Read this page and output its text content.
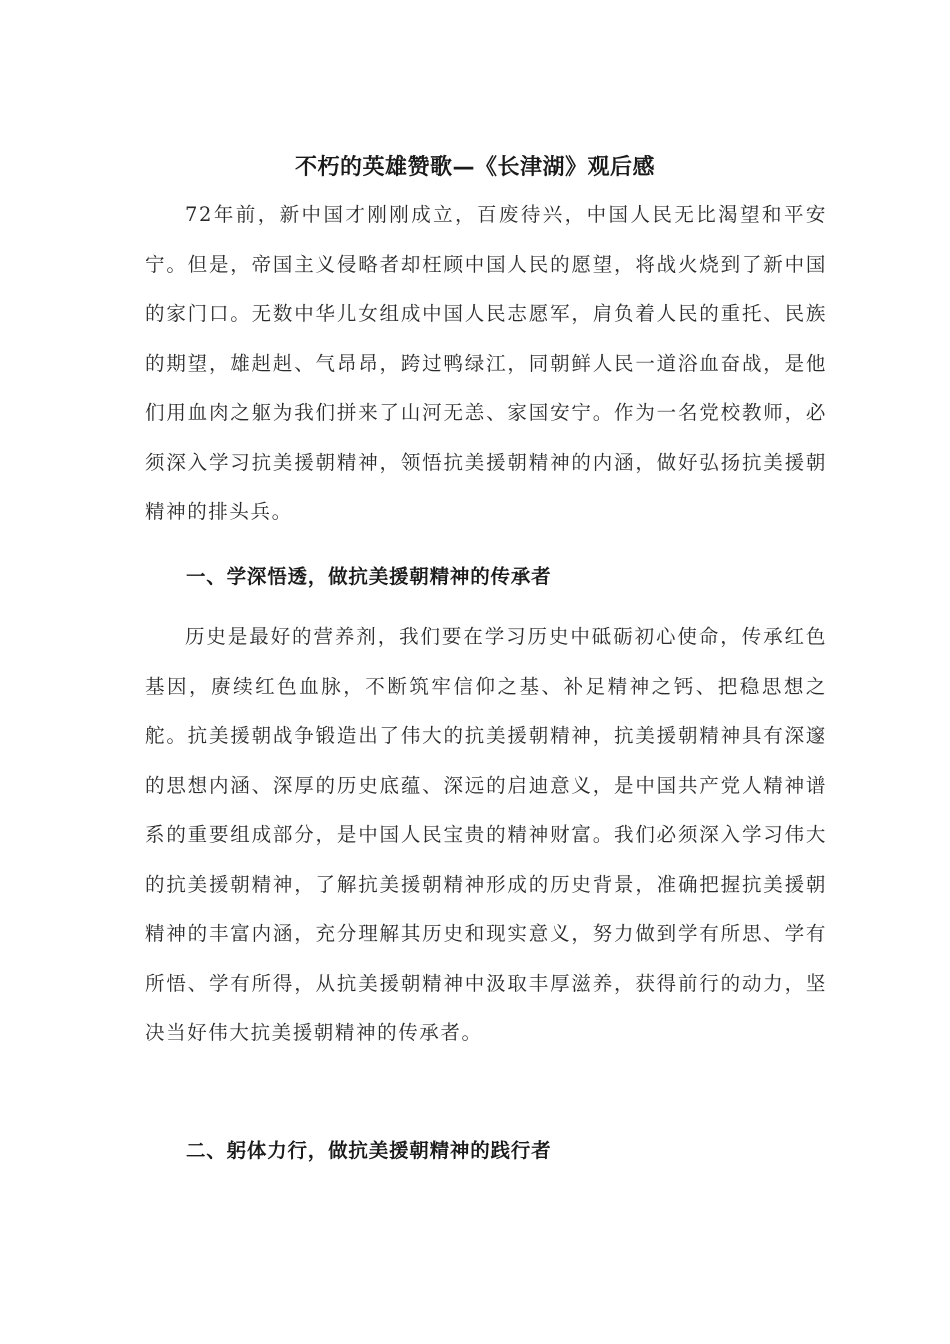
不朽的英雄赞歌—《长津湖》观后感

72年前，新中国才刚刚成立，百废待兴，中国人民无比渴望和平安宁。但是，帝国主义侵略者却枉顾中国人民的愿望，将战火烧到了新中国的家门口。无数中华儿女组成中国人民志愿军，肩负着人民的重托、民族的期望，雄赳赳、气昂昂，跨过鸭绿江，同朝鲜人民一道浴血奋战，是他们用血肉之躯为我们拼来了山河无恙、家国安宁。作为一名党校教师，必须深入学习抗美援朝精神，领悟抗美援朝精神的内涵，做好弘扬抗美援朝精神的排头兵。

一、学深悟透，做抗美援朝精神的传承者

历史是最好的营养剂，我们要在学习历史中砥砺初心使命，传承红色基因，赓续红色血脉，不断筑牢信仰之基、补足精神之钙、把稳思想之舵。抗美援朝战争锻造出了伟大的抗美援朝精神，抗美援朝精神具有深邃的思想内涵、深厚的历史底蕴、深远的启迪意义，是中国共产党人精神谱系的重要组成部分，是中国人民宝贵的精神财富。我们必须深入学习伟大的抗美援朝精神，了解抗美援朝精神形成的历史背景，准确把握抗美援朝精神的丰富内涵，充分理解其历史和现实意义，努力做到学有所思、学有所悟、学有所得，从抗美援朝精神中汲取丰厚滋养，获得前行的动力，坚决当好伟大抗美援朝精神的传承者。

二、躬体力行，做抗美援朝精神的践行者
